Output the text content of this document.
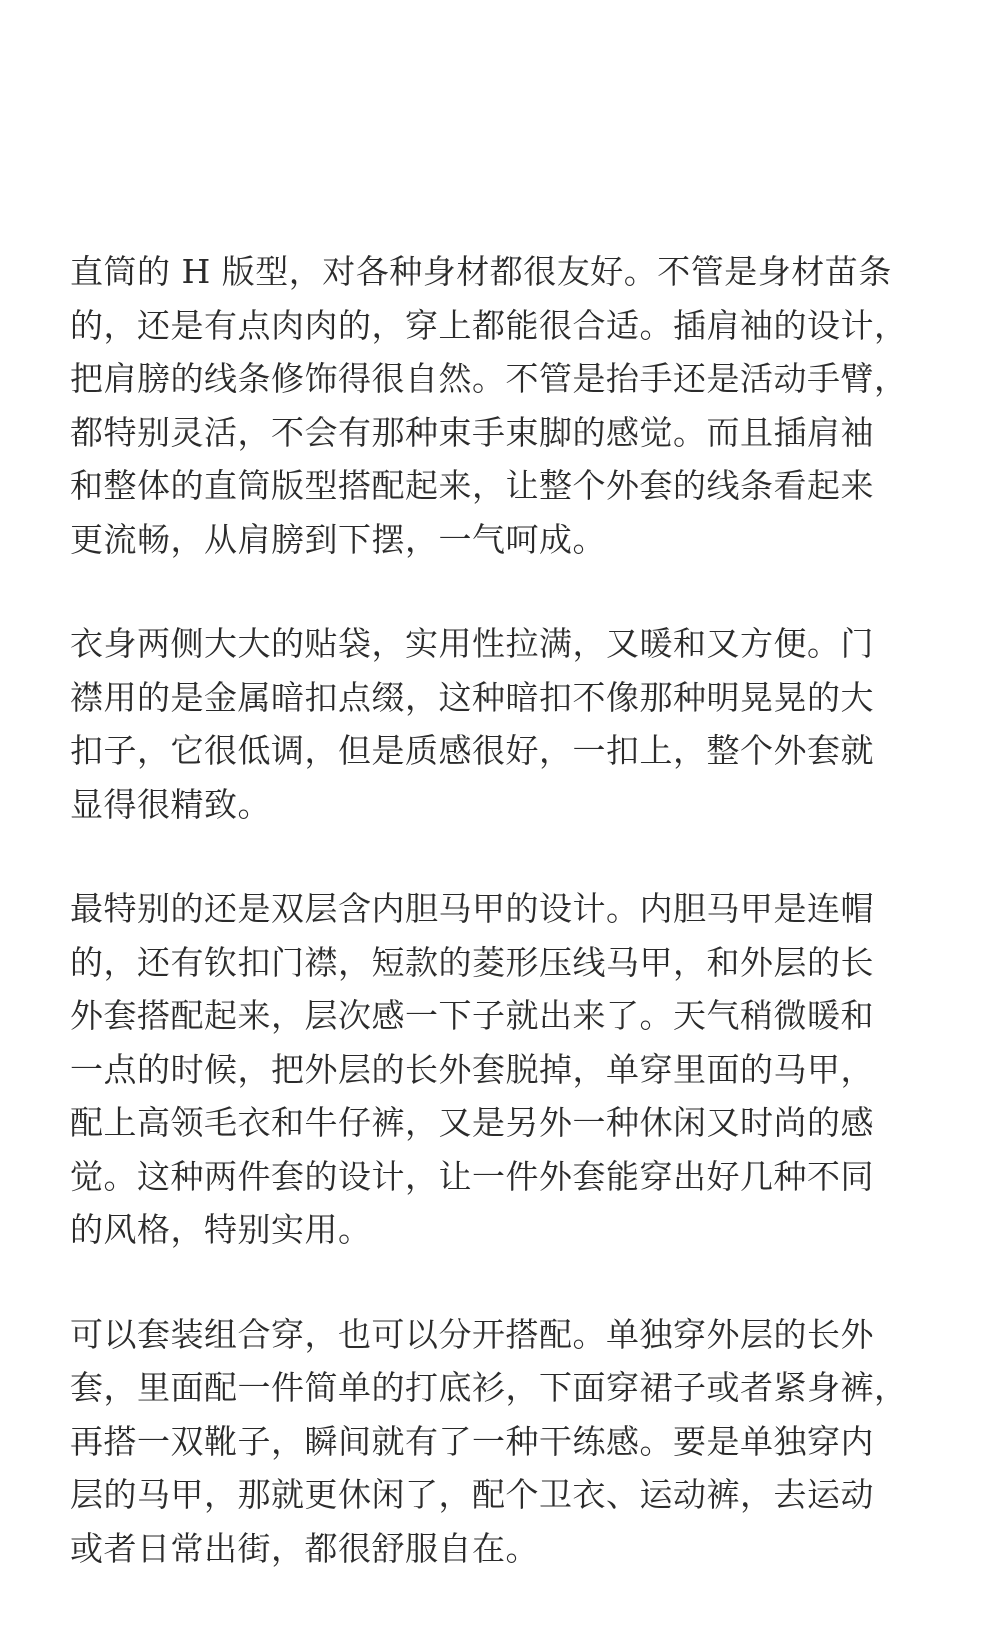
直筒的 H 版型，对各种身材都很友好。不管是身材苗条
的，还是有点肉肉的，穿上都能很合适。插肩袖的设计，
把肩膀的线条修饰得很自然。不管是抬手还是活动手臂，
都特别灵活，不会有那种束手束脚的感觉。而且插肩袖
和整体的直筒版型搭配起来，让整个外套的线条看起来
更流畅，从肩膀到下摆，一气呵成。

衣身两侧大大的贴袋，实用性拉满，又暖和又方便。门
襟用的是金属暗扣点缀，这种暗扣不像那种明晃晃的大
扣子，它很低调，但是质感很好，一扣上，整个外套就
显得很精致。

最特别的还是双层含内胆马甲的设计。内胆马甲是连帽
的，还有钦扣门襟，短款的菱形压线马甲，和外层的长
外套搭配起来，层次感一下子就出来了。天气稍微暖和
一点的时候，把外层的长外套脱掉，单穿里面的马甲，
配上高领毛衣和牛仔裤，又是另外一种休闲又时尚的感
觉。这种两件套的设计，让一件外套能穿出好几种不同
的风格，特别实用。

可以套装组合穿，也可以分开搭配。单独穿外层的长外
套，里面配一件简单的打底衫，下面穿裙子或者紧身裤，
再搭一双靴子，瞬间就有了一种干练感。要是单独穿内
层的马甲，那就更休闲了，配个卫衣、运动裤，去运动
或者日常出街，都很舒服自在。
